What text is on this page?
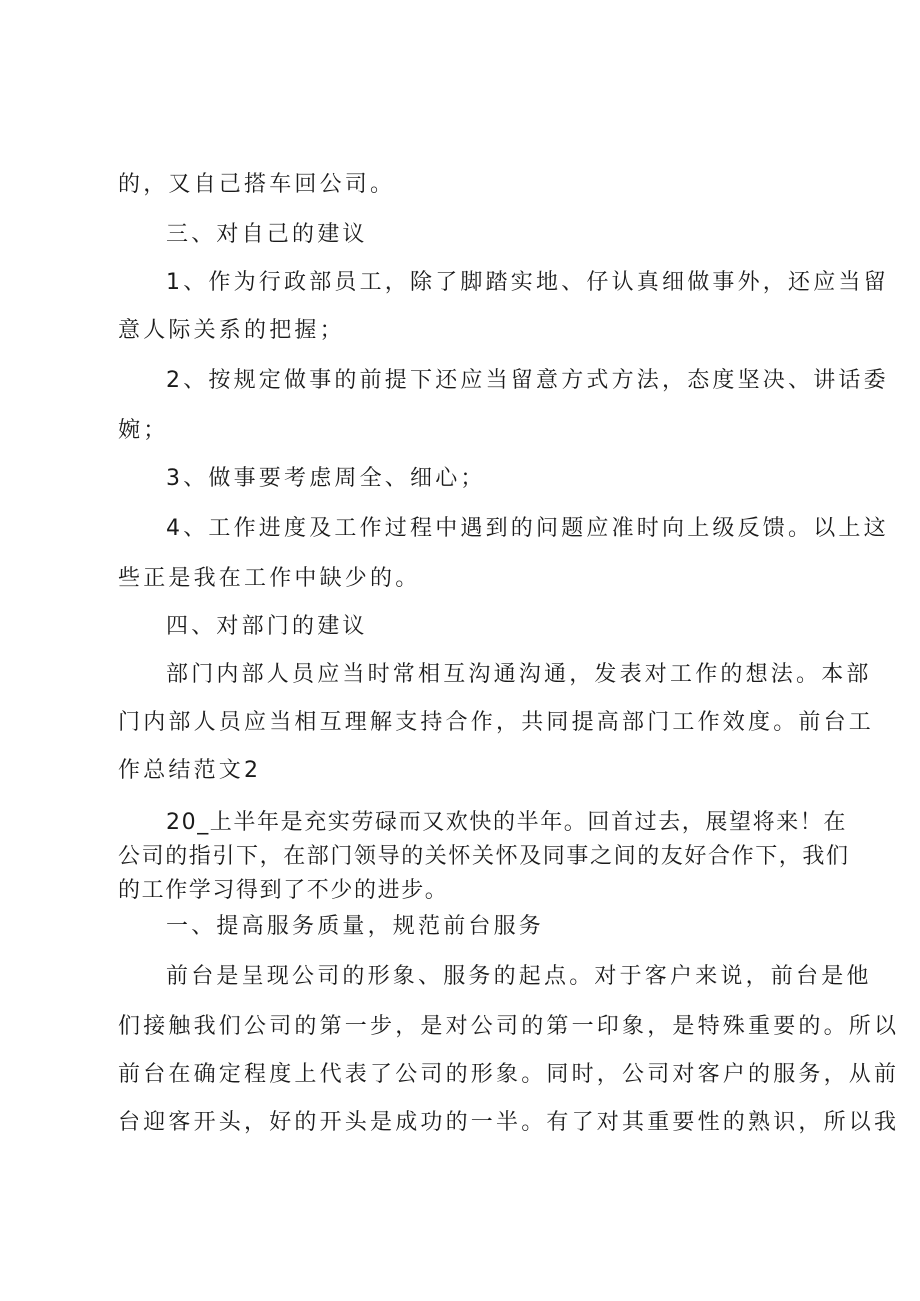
的，又自己搭车回公司。
三、对自己的建议
1、作为行政部员工，除了脚踏实地、仔认真细做事外，还应当留
意人际关系的把握；
2、按规定做事的前提下还应当留意方式方法，态度坚决、讲话委
婉；
3、做事要考虑周全、细心；
4、工作进度及工作过程中遇到的问题应准时向上级反馈。以上这
些正是我在工作中缺少的。
四、对部门的建议
部门内部人员应当时常相互沟通沟通，发表对工作的想法。本部
门内部人员应当相互理解支持合作，共同提高部门工作效度。前台工
作总结范文2
20_上半年是充实劳碌而又欢快的半年。回首过去，展望将来！在
公司的指引下，在部门领导的关怀关怀及同事之间的友好合作下，我们
的工作学习得到了不少的进步。
一、提高服务质量，规范前台服务
前台是呈现公司的形象、服务的起点。对于客户来说，前台是他
们接触我们公司的第一步，是对公司的第一印象，是特殊重要的。所以
前台在确定程度上代表了公司的形象。同时，公司对客户的服务，从前
台迎客开头，好的开头是成功的一半。有了对其重要性的熟识，所以我
